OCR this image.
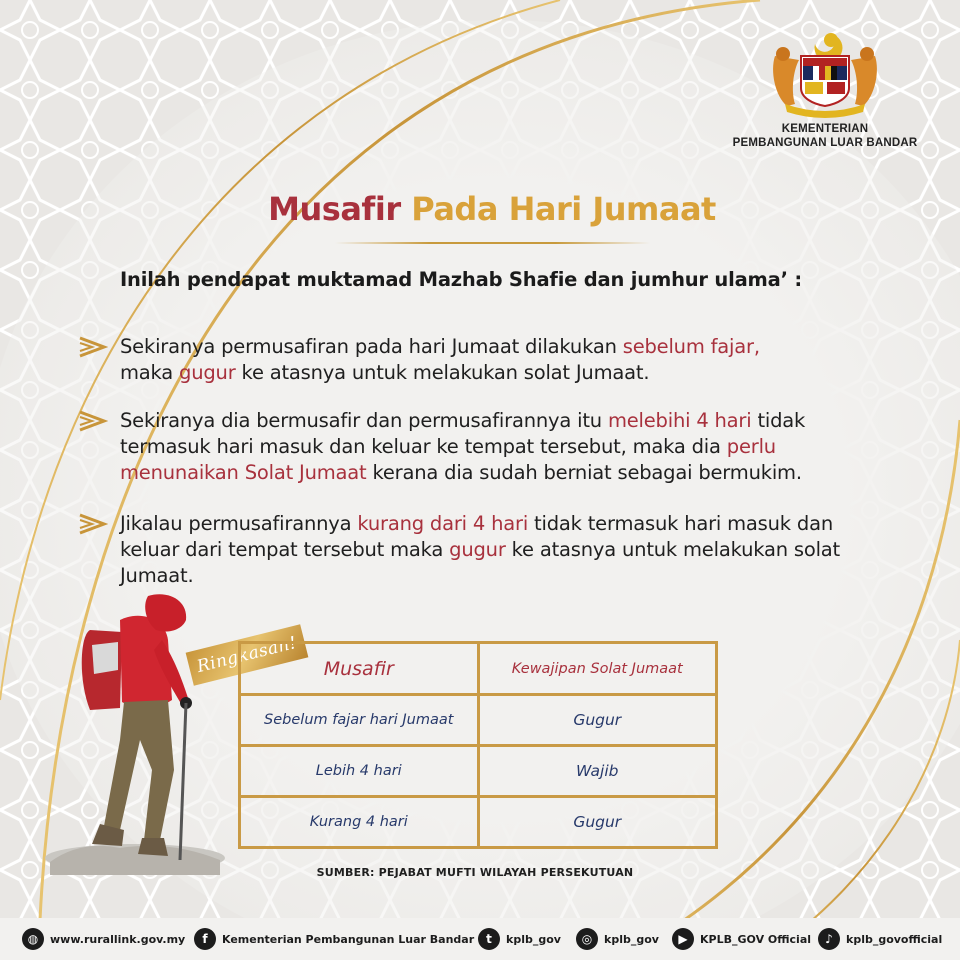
KEMENTERIAN
PEMBANGUNAN LUAR BANDAR
Musafir Pada Hari Jumaat
Inilah pendapat muktamad Mazhab Shafie dan jumhur ulama’ :
Sekiranya permusafiran pada hari Jumaat dilakukan sebelum fajar,
maka gugur ke atasnya untuk melakukan solat Jumaat.
Sekiranya dia bermusafir dan permusafirannya itu melebihi 4 hari tidak termasuk hari masuk dan keluar ke tempat tersebut, maka dia perlu menunaikan Solat Jumaat kerana dia sudah berniat sebagai bermukim.
Jikalau permusafirannya kurang dari 4 hari tidak termasuk hari masuk dan keluar dari tempat tersebut maka gugur ke atasnya untuk melakukan solat Jumaat.
Ringkasan!	Musafir	Kewajipan Solat Jumaat
Sebelum fajar hari Jumaat	Gugur
Lebih 4 hari	Wajib
Kurang 4 hari	Gugur
SUMBER: PEJABAT MUFTI WILAYAH PERSEKUTUAN
◍	www.rurallink.gov.my	f	Kementerian Pembangunan Luar Bandar t	kplb_gov	◎	kplb_gov	▶	KPLB_GOV Official	♪	kplb_govofficial
